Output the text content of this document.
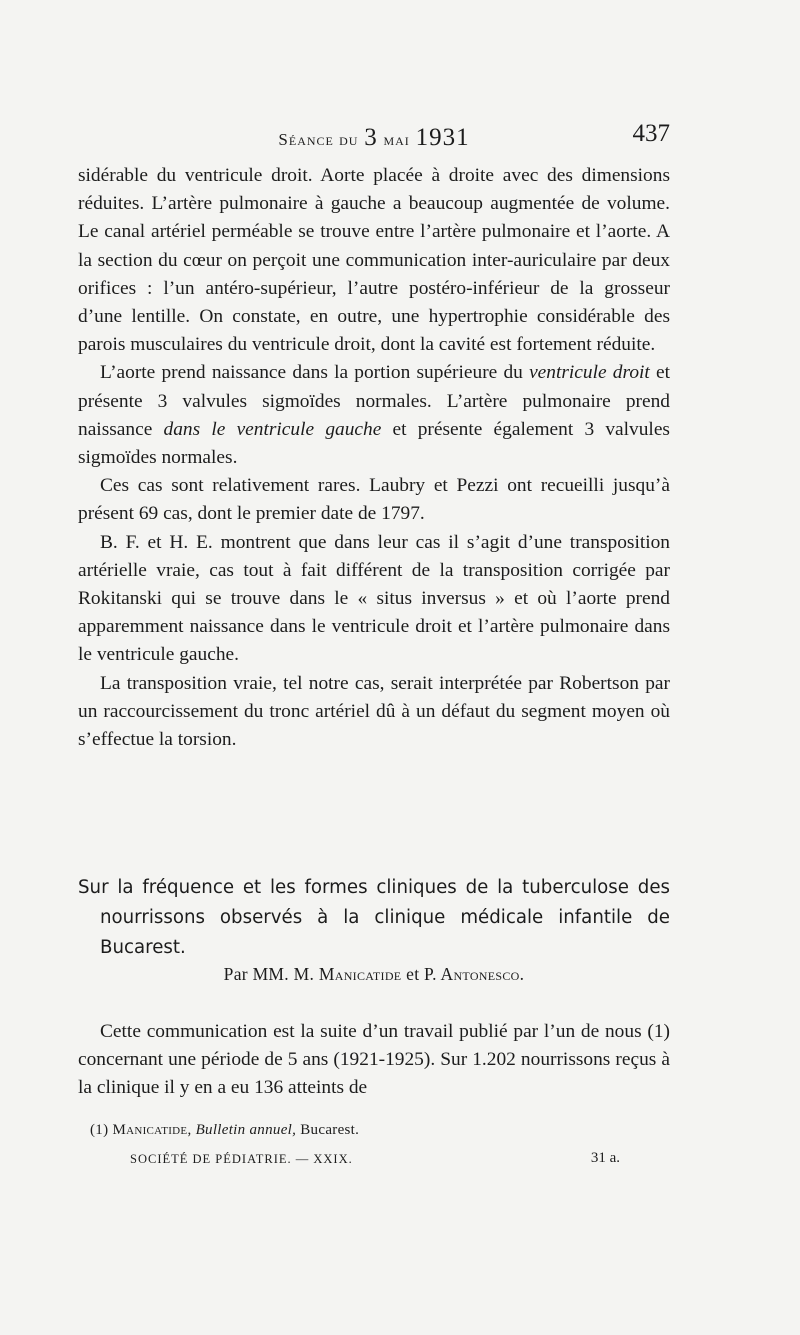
Séance du 3 mai 1931	437

sidérable du ventricule droit. Aorte placée à droite avec des dimensions réduites. L’artère pulmonaire à gauche a beaucoup augmentée de volume. Le canal artériel perméable se trouve entre l’artère pulmonaire et l’aorte. A la section du cœur on perçoit une communication inter-auriculaire par deux orifices : l’un antéro-supérieur, l’autre postéro-inférieur de la grosseur d’une lentille. On constate, en outre, une hypertrophie considérable des parois musculaires du ventricule droit, dont la cavité est fortement réduite.

L’aorte prend naissance dans la portion supérieure du ventricule droit et présente 3 valvules sigmoïdes normales. L’artère pulmonaire prend naissance dans le ventricule gauche et présente également 3 valvules sigmoïdes normales.

Ces cas sont relativement rares. Laubry et Pezzi ont recueilli jusqu’à présent 69 cas, dont le premier date de 1797.

B. F. et H. E. montrent que dans leur cas il s’agit d’une transposition artérielle vraie, cas tout à fait différent de la transposition corrigée par Rokitanski qui se trouve dans le « situs inversus » et où l’aorte prend apparemment naissance dans le ventricule droit et l’artère pulmonaire dans le ventricule gauche.

La transposition vraie, tel notre cas, serait interprétée par Robertson par un raccourcissement du tronc artériel dû à un défaut du segment moyen où s’effectue la torsion.

Sur la fréquence et les formes cliniques de la tuberculose des nourrissons observés à la clinique médicale infantile de Bucarest.
Par MM. M. Manicatide et P. Antonesco.

Cette communication est la suite d’un travail publié par l’un de nous (1) concernant une période de 5 ans (1921-1925). Sur 1.202 nourrissons reçus à la clinique il y en a eu 136 atteints de

(1) Manicatide, Bulletin annuel, Bucarest.
SOCIÉTÉ DE PÉDIATRIE. — XXIX.	31 a.
